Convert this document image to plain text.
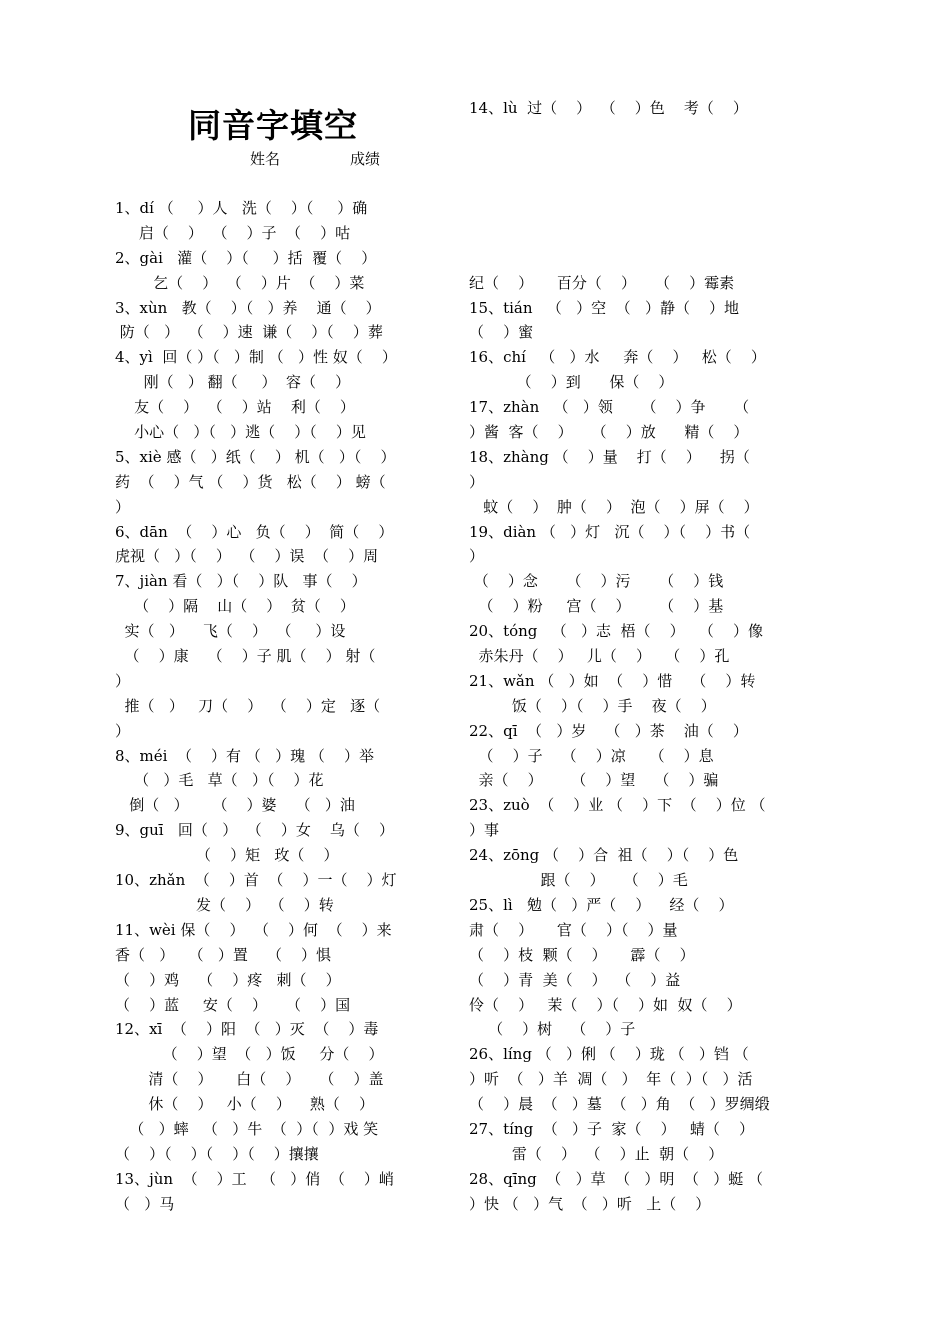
同音字填空
姓名	成绩
14、lù  过（    ）  （    ）色    考（    ）
1、dí （     ）人   洗（    ）（     ）确
启（    ）  （    ）子  （    ）咕
2、gài   灌（    ）（     ）括  覆（    ）
乞（    ）  （    ）片  （    ）菜
3、xùn   教（    ）（   ）养    通（    ）
防（   ）  （    ）速  谦（    ）（    ）葬
4、yì  回（ ）（   ）制 （   ）性 奴（    ）
刚（   ） 翻（     ）  容（    ）
友（    ）  （    ）站    利（    ）
小心（   ）（   ）逃（    ）（    ）见
5、xiè 感（   ）纸（    ） 机（   ）（    ）
药  （    ）气 （    ）货   松（    ） 螃（
）
6、dān  （    ）心   负（    ）  简（    ）
虎视（   ）（    ）  （    ）误  （    ）周
7、jiàn 看（   ）（    ）队   事（    ）
（    ）隔    山（    ）  贫（    ）
实（   ）    飞（    ）  （     ）设
（    ）康    （    ）子 肌（    ） 射（
）
推（   ）   刀（    ）  （    ）定   逐（
）
8、méi  （    ）有 （   ）瑰 （    ）举
（   ）毛   草（   ）（    ）花
倒（   ）     （    ）婆    （   ）油
9、guī   回（   ）  （    ）女    乌（    ）
（    ）矩   玫（    ）
10、zhǎn  （    ）首  （    ）一（    ）灯
发（    ）  （    ）转
11、wèi 保（    ）  （    ）何  （    ）来
香（   ）   （   ）置    （    ）惧
（    ）鸡    （    ）疼   刺（    ）
（    ）蓝     安（    ）    （    ）国
12、xī  （    ）阳  （   ）灭  （    ）毒
（    ）望  （   ）饭     分（    ）
清（    ）     白（    ）    （    ）盖
休（    ）   小（    ）    熟（    ）
（   ）蟀   （   ）牛  （  ）（  ）戏 笑
（    ）（    ）（    ）（    ）攘攘
13、jùn  （    ）工   （   ）俏  （    ）峭
（   ）马
纪（    ）     百分（    ）    （    ）霉素
15、tián   （   ）空  （   ）静（    ）地
（    ）蜜
16、chí   （   ）水     奔（    ）   松（    ）
（    ）到      保（    ）
17、zhàn   （   ）领      （    ）争      （
）酱  客（    ）    （    ）放      精（    ）
18、zhàng （    ）量    打（    ）    拐（
）
蚊（    ）  肿（    ）  泡（    ）屏（    ）
19、diàn （   ）灯   沉（    ）（    ）书（
）
（    ）念      （    ）污      （    ）钱
（    ）粉     宫（    ）      （    ）基
20、tóng   （   ）志  梧（    ）   （    ）像
赤朱丹（    ）   儿（    ）   （    ）孔
21、wǎn （   ）如  （    ）惜    （    ）转
饭（    ）（    ）手    夜（    ）
22、qī  （   ）岁    （   ）茶    油（    ）
（    ）子    （    ）凉     （    ）息
亲（    ）      （    ）望    （    ）骗
23、zuò  （    ）业 （    ）下  （    ）位 （
）事
24、zōng （    ）合  祖（    ）（    ）色
跟（    ）    （    ）毛
25、lì   勉（   ）严（    ）    经（    ）
肃（    ）     官（    ）（    ）量
（    ）枝  颗（    ）     霹（    ）
（    ）青  美（    ）  （    ）益
伶（    ）   茉（    ）（    ）如  奴（    ）
（    ）树    （    ）子
26、líng （   ）俐 （    ）珑 （   ）铛 （
）听  （   ）羊  凋（   ）  年（  ）（   ）活
（    ）晨  （   ）墓  （   ）角  （   ）罗绸缎
27、tíng  （   ）子  家（    ）   蜻（    ）
雷（    ）  （    ）止  朝（    ）
28、qīng  （   ）草  （   ）明  （   ）蜓 （
）快 （   ）气  （   ）听   上（    ）
